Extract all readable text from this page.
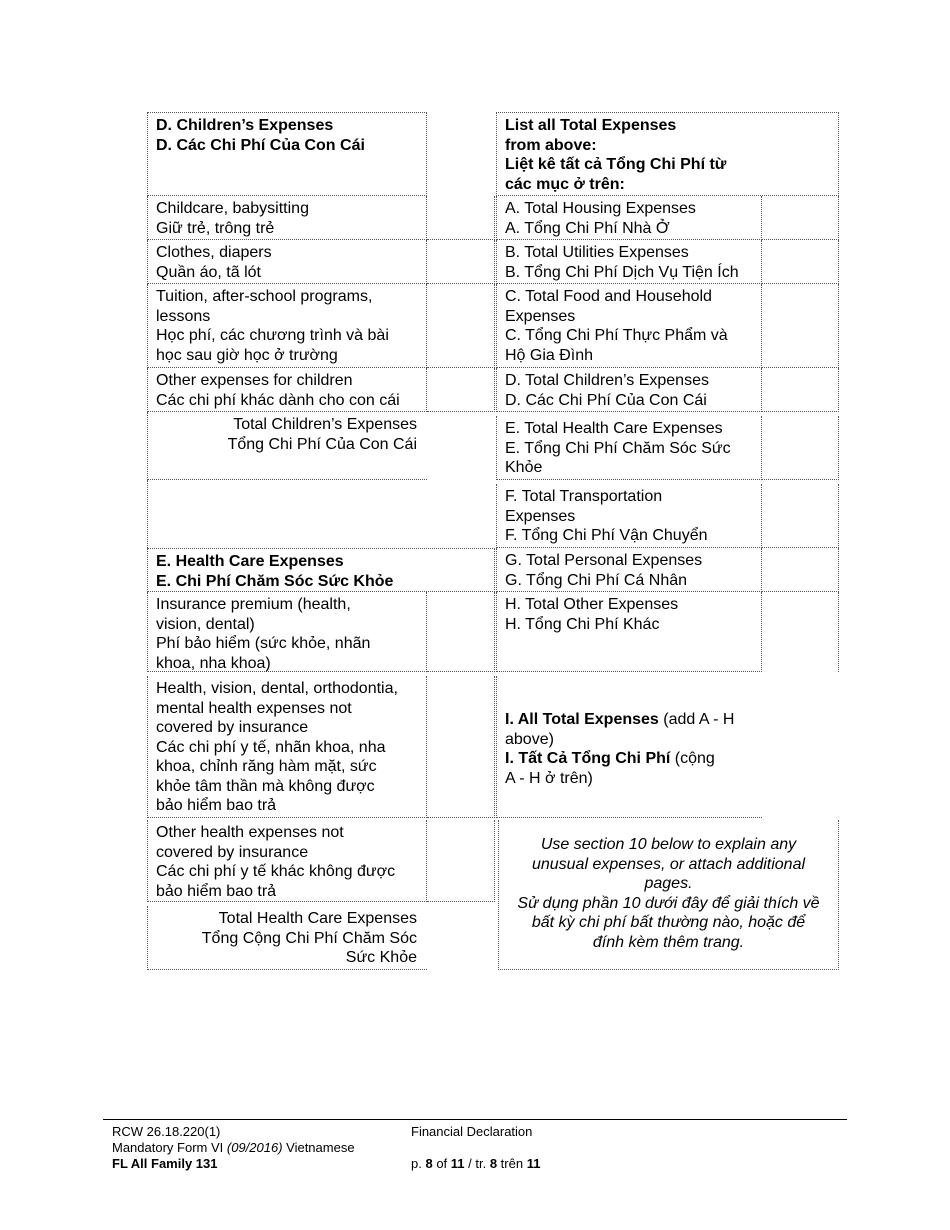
D. Children’s Expenses
D. Các Chi Phí Của Con Cái
Childcare, babysitting
Giữ trẻ, trông trẻ
Clothes, diapers
Quần áo, tã lót
Tuition, after-school programs,
lessons
Học phí, các chương trình và bài
học sau giờ học ở trường
Other expenses for children
Các chi phí khác dành cho con cái
Total Children’s Expenses
Tổng Chi Phí Của Con Cái
E. Health Care Expenses
E. Chi Phí Chăm Sóc Sức Khỏe
Insurance premium (health,
vision, dental)
Phí bảo hiểm (sức khỏe, nhãn
khoa, nha khoa)
Health, vision, dental, orthodontia,
mental health expenses not
covered by insurance
Các chi phí y tế, nhãn khoa, nha
khoa, chỉnh răng hàm mặt, sức
khỏe tâm thần mà không được
bảo hiểm bao trả
Other health expenses not
covered by insurance
Các chi phí y tế khác không được
bảo hiểm bao trả
Total Health Care Expenses
Tổng Cộng Chi Phí Chăm Sóc
Sức Khỏe
List all Total Expenses
from above:
Liệt kê tất cả Tổng Chi Phí từ
các mục ở trên:
A. Total Housing Expenses
A. Tổng Chi Phí Nhà Ở
B. Total Utilities Expenses
B. Tổng Chi Phí Dịch Vụ Tiện Ích
C. Total Food and Household
Expenses
C. Tổng Chi Phí Thực Phẩm và
Hộ Gia Đình
D. Total Children’s Expenses
D. Các Chi Phí Của Con Cái
E. Total Health Care Expenses
E. Tổng Chi Phí Chăm Sóc Sức
Khỏe
F. Total Transportation
Expenses
F. Tổng Chi Phí Vận Chuyển
G. Total Personal Expenses
G. Tổng Chi Phí Cá Nhân
H. Total Other Expenses
H. Tổng Chi Phí Khác
I. All Total Expenses (add A - H
above)
I. Tất Cả Tổng Chi Phí (cộng
A - H ở trên)
Use section 10 below to explain any
unusual expenses, or attach additional
pages.
Sử dụng phần 10 dưới đây để giải thích về
bất kỳ chi phí bất thường nào, hoặc để
đính kèm thêm trang.
RCW 26.18.220(1)
Mandatory Form VI (09/2016) Vietnamese
FL All Family 131
Financial Declaration
p. 8 of 11 / tr. 8 trên 11
